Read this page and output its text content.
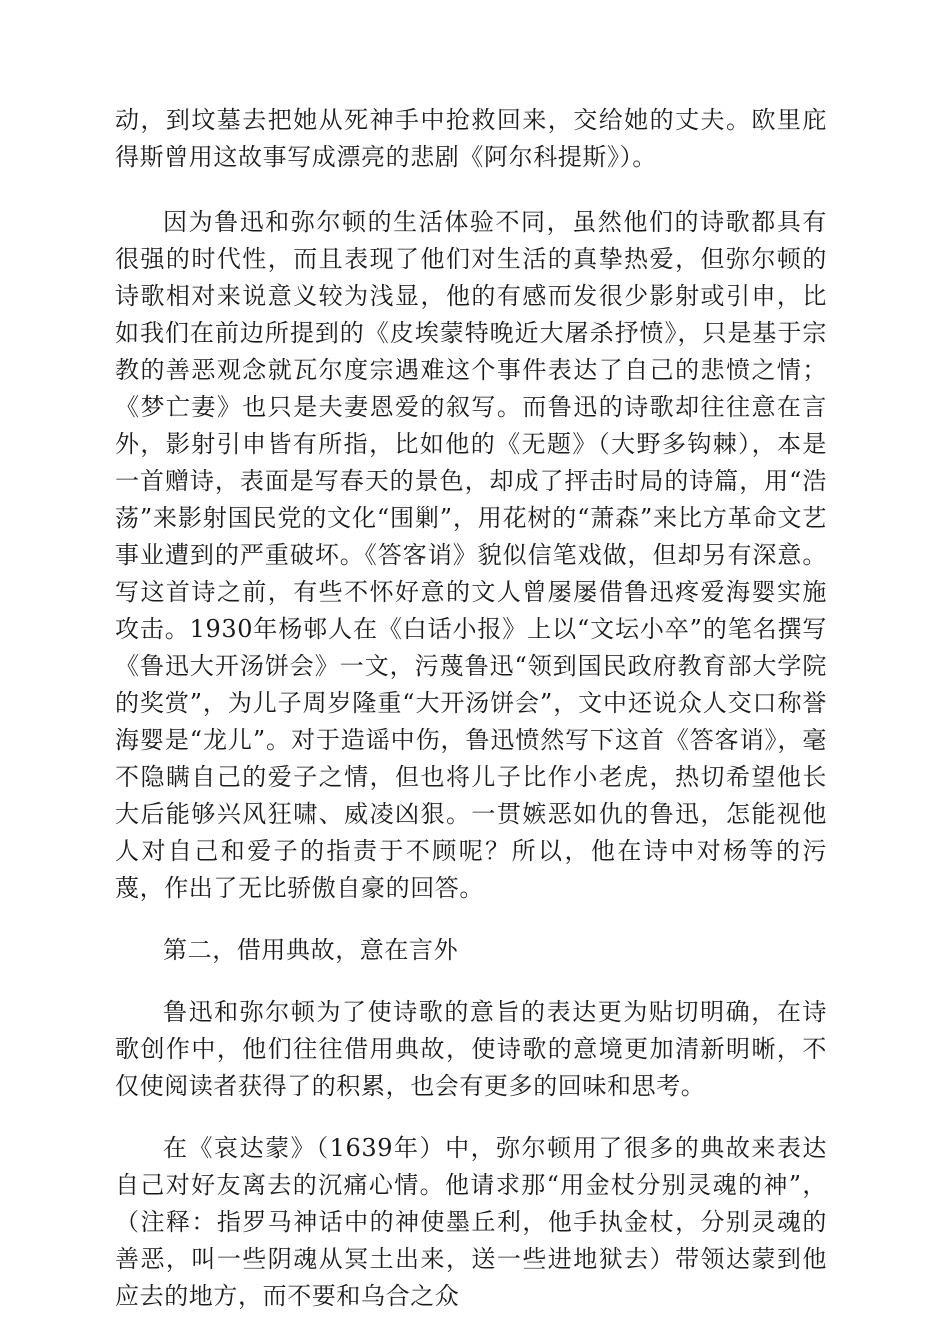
动，到坟墓去把她从死神手中抢救回来，交给她的丈夫。欧里庇得斯曾用这故事写成漂亮的悲剧《阿尔科提斯》）。

因为鲁迅和弥尔顿的生活体验不同，虽然他们的诗歌都具有很强的时代性，而且表现了他们对生活的真挚热爱，但弥尔顿的诗歌相对来说意义较为浅显，他的有感而发很少影射或引申，比如我们在前边所提到的《皮埃蒙特晚近大屠杀抒愤》，只是基于宗教的善恶观念就瓦尔度宗遇难这个事件表达了自己的悲愤之情；《梦亡妻》也只是夫妻恩爱的叙写。而鲁迅的诗歌却往往意在言外，影射引申皆有所指，比如他的《无题》（大野多钩棘），本是一首赠诗，表面是写春天的景色，却成了抨击时局的诗篇，用“浩荡”来影射国民党的文化“围剿”，用花树的“萧森”来比方革命文艺事业遭到的严重破坏。《答客诮》貌似信笔戏做，但却另有深意。写这首诗之前，有些不怀好意的文人曾屡屡借鲁迅疼爱海婴实施攻击。1930年杨邨人在《白话小报》上以“文坛小卒”的笔名撰写《鲁迅大开汤饼会》一文，污蔑鲁迅“领到国民政府教育部大学院的奖赏”，为儿子周岁隆重“大开汤饼会”，文中还说众人交口称誉海婴是“龙儿”。对于造谣中伤，鲁迅愤然写下这首《答客诮》，毫不隐瞒自己的爱子之情，但也将儿子比作小老虎，热切希望他长大后能够兴风狂啸、威凌凶狠。一贯嫉恶如仇的鲁迅，怎能视他人对自己和爱子的指责于不顾呢？所以，他在诗中对杨等的污蔑，作出了无比骄傲自豪的回答。

第二，借用典故，意在言外

鲁迅和弥尔顿为了使诗歌的意旨的表达更为贴切明确，在诗歌创作中，他们往往借用典故，使诗歌的意境更加清新明晰，不仅使阅读者获得了的积累，也会有更多的回味和思考。

在《哀达蒙》（1639年）中，弥尔顿用了很多的典故来表达自己对好友离去的沉痛心情。他请求那“用金杖分别灵魂的神”，（注释：指罗马神话中的神使墨丘利，他手执金杖，分别灵魂的善恶，叫一些阴魂从冥土出来，送一些进地狱去）带领达蒙到他应去的地方，而不要和乌合之众
